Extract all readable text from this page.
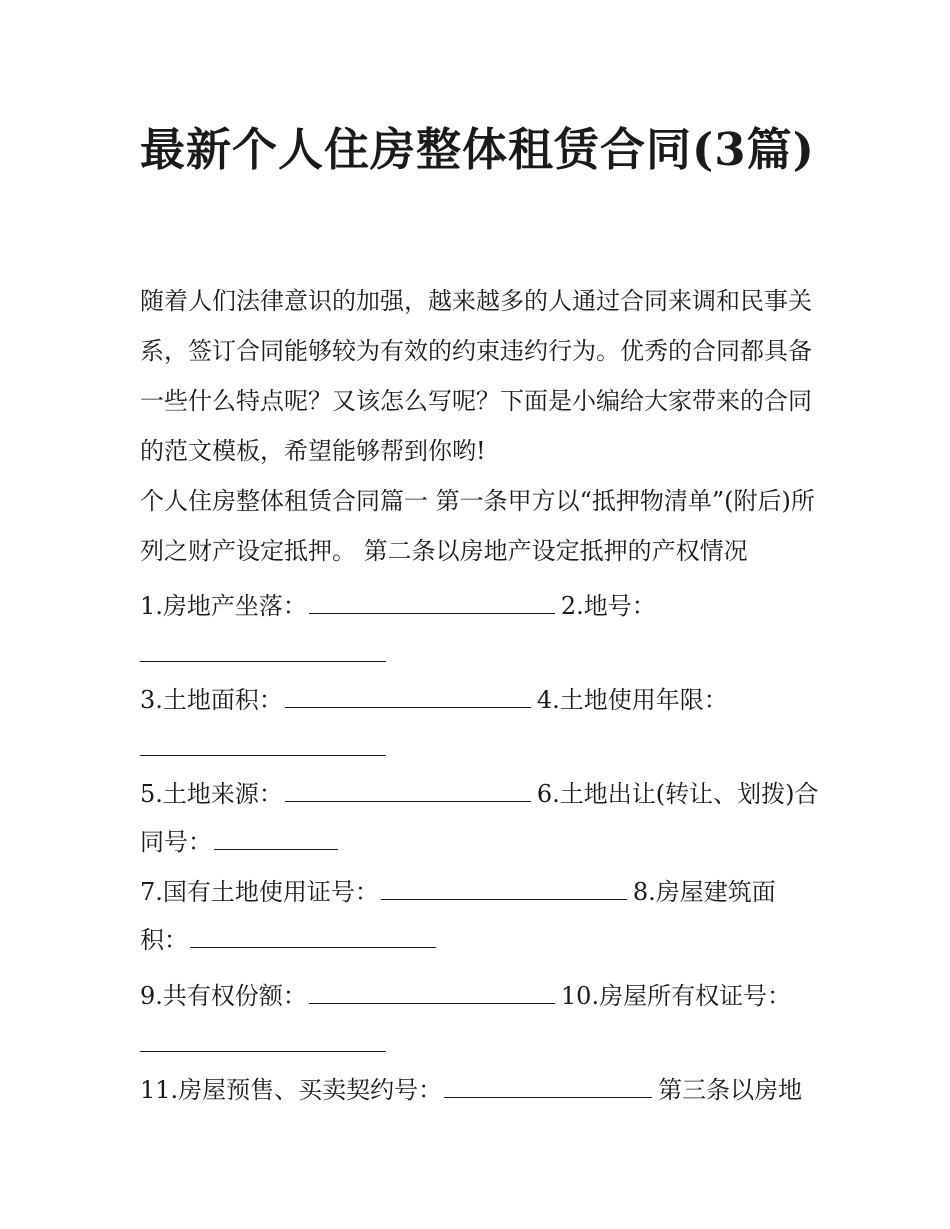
最新个人住房整体租赁合同(3篇)

随着人们法律意识的加强，越来越多的人通过合同来调和民事关系，签订合同能够较为有效的约束违约行为。优秀的合同都具备一些什么特点呢？又该怎么写呢？下面是小编给大家带来的合同的范文模板，希望能够帮到你哟!

个人住房整体租赁合同篇一 第一条甲方以“抵押物清单”(附后)所列之财产设定抵押。 第二条以房地产设定抵押的产权情况

1.房地产坐落：	2.地号：

3.土地面积：	4.土地使用年限：

5.土地来源：	6.土地出让(转让、划拨)合同号：
7.国有土地使用证号：	8.房屋建筑面积：
9.共有权份额：	10.房屋所有权证号：

11.房屋预售、买卖契约号：	第三条以房地
